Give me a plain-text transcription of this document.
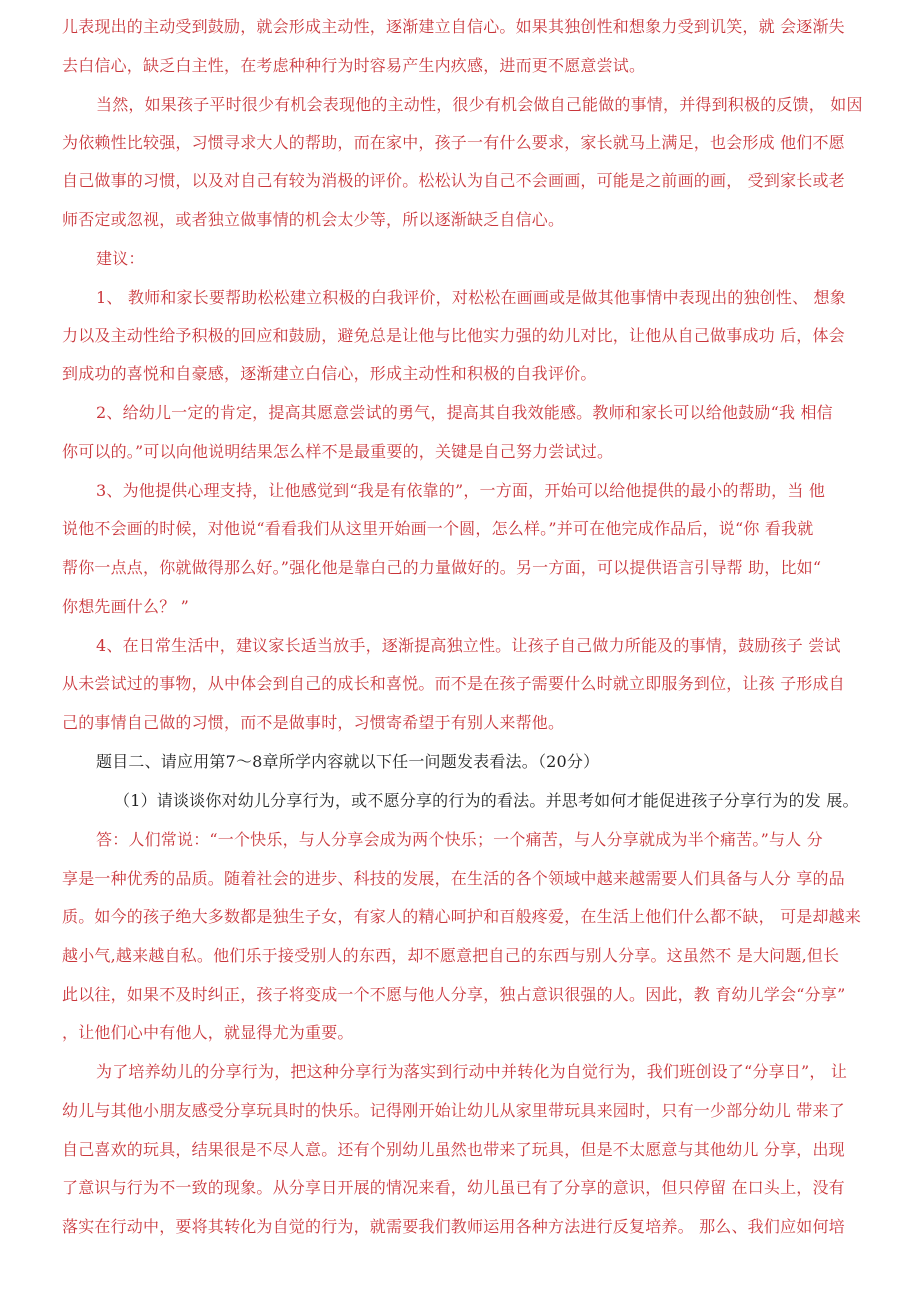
儿表现出的主动受到鼓励，就会形成主动性，逐渐建立自信心。如果其独创性和想象力受到讥笑，就 会逐渐失
去白信心，缺乏白主性，在考虑种种行为时容易产生内疚感，进而更不愿意尝试。
当然，如果孩子平时很少有机会表现他的主动性，很少有机会做自己能做的事情，并得到积极的反馈， 如因
为依赖性比较强，习惯寻求大人的帮助，而在家中，孩子一有什么要求，家长就马上满足，也会形成 他们不愿
自己做事的习惯，以及对自己有较为消极的评价。松松认为自己不会画画，可能是之前画的画， 受到家长或老
师否定或忽视，或者独立做事情的机会太少等，所以逐渐缺乏自信心。
建议：
1、 教师和家长要帮助松松建立积极的白我评价，对松松在画画或是做其他事情中表现出的独创性、 想象
力以及主动性给予积极的回应和鼓励，避免总是让他与比他实力强的幼儿对比，让他从自己做事成功 后，体会
到成功的喜悦和自豪感，逐渐建立白信心，形成主动性和积极的自我评价。
2、给幼儿一定的肯定，提高其愿意尝试的勇气，提高其自我效能感。教师和家长可以给他鼓励“我 相信
你可以的。”可以向他说明结果怎么样不是最重要的，关键是自己努力尝试过。
3、为他提供心理支持，让他感觉到“我是有依靠的”，一方面，开始可以给他提供的最小的帮助，当 他
说他不会画的时候，对他说“看看我们从这里开始画一个圆，怎么样。”并可在他完成作品后，说“你 看我就
帮你一点点，你就做得那么好。”强化他是靠白己的力量做好的。另一方面，可以提供语言引导帮 助，比如“
你想先画什么？ ”
4、在日常生活中，建议家长适当放手，逐渐提高独立性。让孩子自己做力所能及的事情，鼓励孩子 尝试
从未尝试过的事物，从中体会到自己的成长和喜悦。而不是在孩子需要什么时就立即服务到位，让孩 子形成自
己的事情自己做的习惯，而不是做事时，习惯寄希望于有别人来帮他。
题目二、请应用第7～8章所学内容就以下任一问题发表看法。（20分）
（1）请谈谈你对幼儿分享行为，或不愿分享的行为的看法。并思考如何才能促进孩子分享行为的发 展。
答：人们常说：“一个快乐，与人分享会成为两个快乐；一个痛苦，与人分享就成为半个痛苦。”与人 分
享是一种优秀的品质。随着社会的进步、科技的发展，在生活的各个领域中越来越需要人们具备与人分 享的品
质。如今的孩子绝大多数都是独生子女，有家人的精心呵护和百般疼爱，在生活上他们什么都不缺， 可是却越来
越小气,越来越自私。他们乐于接受别人的东西，却不愿意把自己的东西与别人分享。这虽然不 是大问题,但长
此以往，如果不及时纠正，孩子将变成一个不愿与他人分享，独占意识很强的人。因此，教 育幼儿学会“分享”
，让他们心中有他人，就显得尤为重要。
为了培养幼儿的分享行为，把这种分享行为落实到行动中并转化为自觉行为，我们班创设了“分享日”， 让
幼儿与其他小朋友感受分享玩具时的快乐。记得刚开始让幼儿从家里带玩具来园时，只有一少部分幼儿 带来了
自己喜欢的玩具，结果很是不尽人意。还有个别幼儿虽然也带来了玩具，但是不太愿意与其他幼儿 分享，出现
了意识与行为不一致的现象。从分享日开展的情况来看，幼儿虽已有了分享的意识，但只停留 在口头上，没有
落实在行动中，要将其转化为自觉的行为，就需要我们教师运用各种方法进行反复培养。 那么、我们应如何培
